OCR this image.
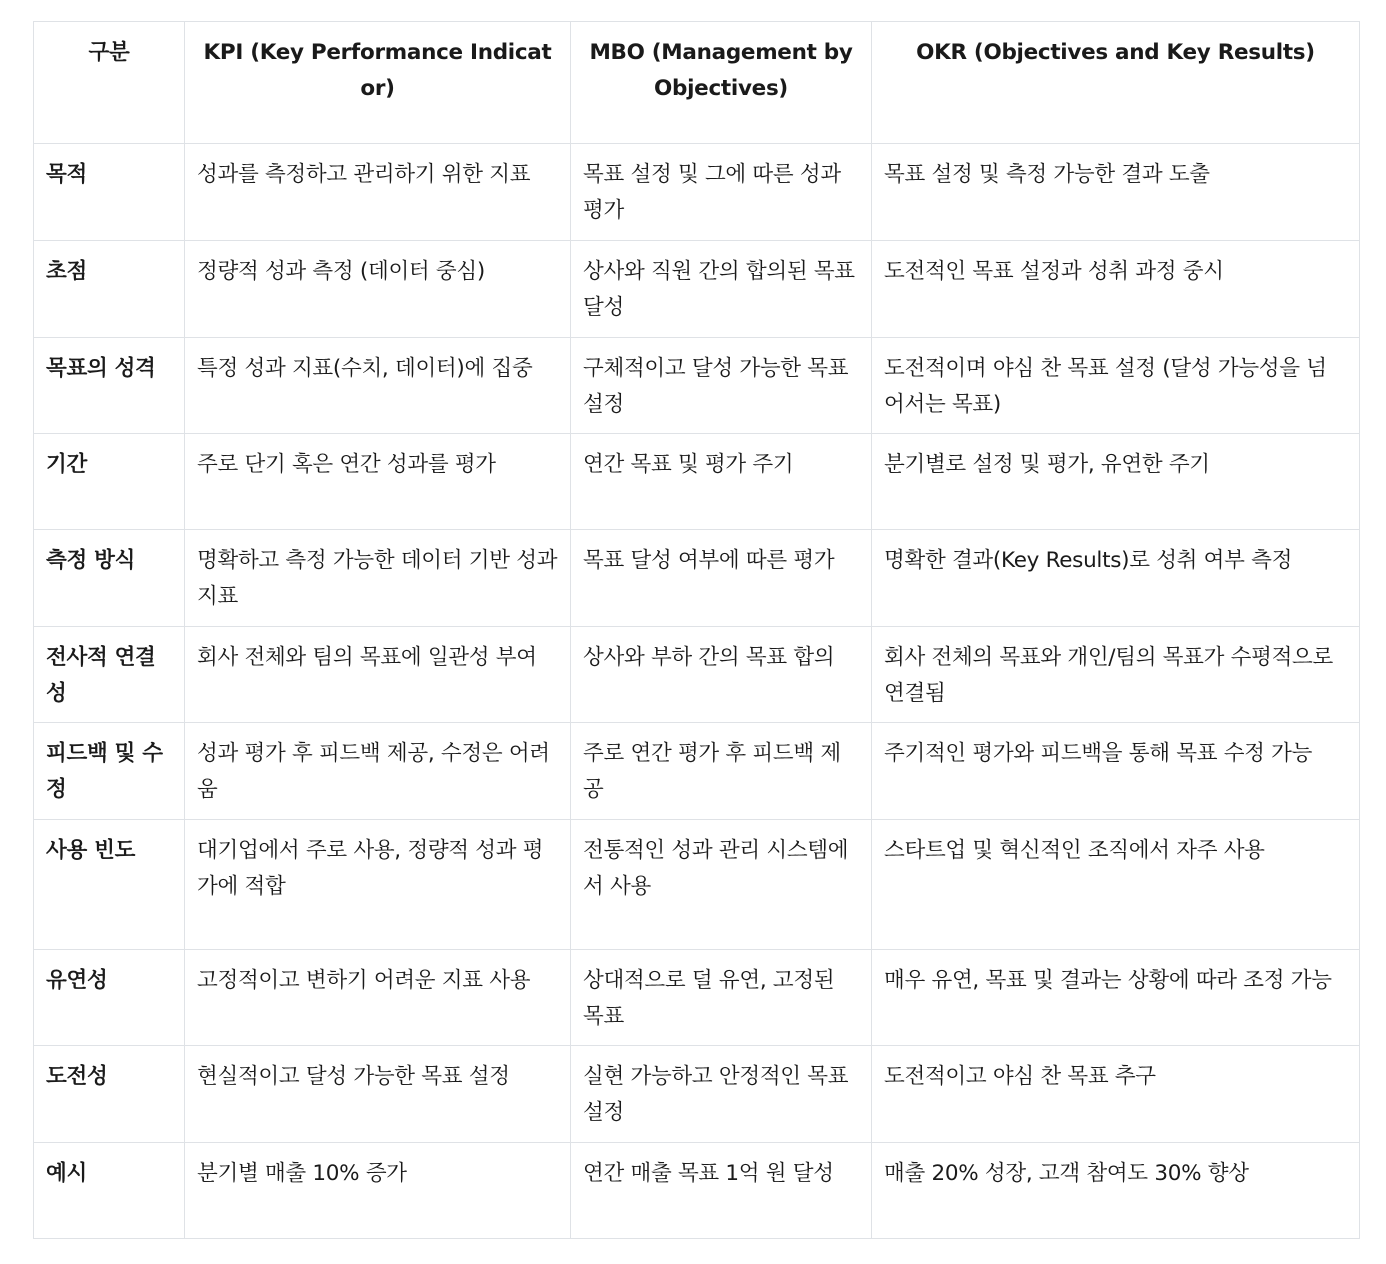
구분	KPI (Key Performance Indicator)	MBO (Management by Objectives)	OKR (Objectives and Key Results)
목적	성과를 측정하고 관리하기 위한 지표	목표 설정 및 그에 따른 성과 평가	목표 설정 및 측정 가능한 결과 도출
초점	정량적 성과 측정 (데이터 중심)	상사와 직원 간의 합의된 목표 달성	도전적인 목표 설정과 성취 과정 중시
목표의 성격	특정 성과 지표(수치, 데이터)에 집중	구체적이고 달성 가능한 목표 설정	도전적이며 야심 찬 목표 설정 (달성 가능성을 넘어서는 목표)
기간	주로 단기 혹은 연간 성과를 평가	연간 목표 및 평가 주기	분기별로 설정 및 평가, 유연한 주기
측정 방식	명확하고 측정 가능한 데이터 기반 성과 지표	목표 달성 여부에 따른 평가	명확한 결과(Key Results)로 성취 여부 측정
전사적 연결성	회사 전체와 팀의 목표에 일관성 부여	상사와 부하 간의 목표 합의	회사 전체의 목표와 개인/팀의 목표가 수평적으로 연결됨
피드백 및 수정	성과 평가 후 피드백 제공, 수정은 어려움	주로 연간 평가 후 피드백 제공	주기적인 평가와 피드백을 통해 목표 수정 가능
사용 빈도	대기업에서 주로 사용, 정량적 성과 평가에 적합	전통적인 성과 관리 시스템에서 사용	스타트업 및 혁신적인 조직에서 자주 사용
유연성	고정적이고 변하기 어려운 지표 사용	상대적으로 덜 유연, 고정된 목표	매우 유연, 목표 및 결과는 상황에 따라 조정 가능
도전성	현실적이고 달성 가능한 목표 설정	실현 가능하고 안정적인 목표 설정	도전적이고 야심 찬 목표 추구
예시	분기별 매출 10% 증가	연간 매출 목표 1억 원 달성	매출 20% 성장, 고객 참여도 30% 향상
